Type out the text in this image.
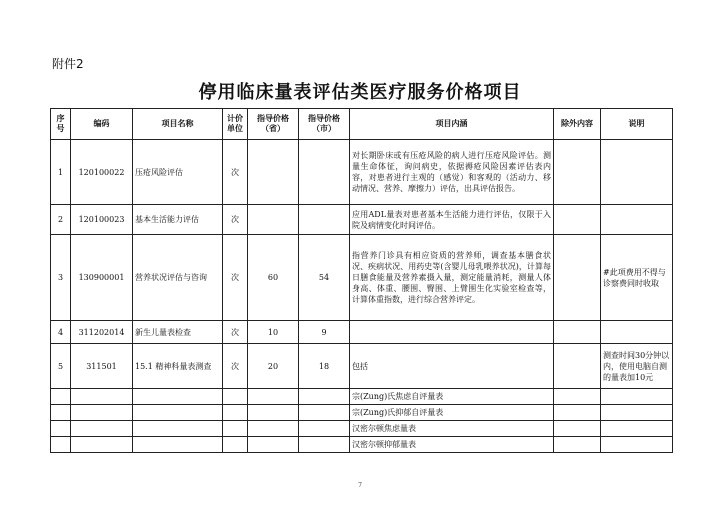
附件2
停用临床量表评估类医疗服务价格项目
序号	编码	项目名称	计价单位	指导价格（省）	指导价格（市）	项目内涵	除外内容	说明
1	120100022	压疮风险评估	次			对长期卧床或有压疮风险的病人进行压疮风险评估。测量生命体征，询问病史，依据褥疮风险因素评估表内容，对患者进行主观的（感觉）和客观的（活动力、移动情况、营养、摩擦力）评估，出具评估报告。		
2	120100023	基本生活能力评估	次			应用ADL量表对患者基本生活能力进行评估，仅限于入院及病情变化时间评估。		
3	130900001	营养状况评估与咨询	次	60	54	指营养门诊具有相应资质的营养师，调查基本膳食状况、疾病状况、用药史等(含婴儿母乳喂养状况)，计算每日膳食能量及营养素摄入量，测定能量消耗，测量人体身高、体重、腰围、臀围、上臂围生化实验室检查等，计算体重指数，进行综合营养评定。		#此项费用不得与诊察费同时收取
4	311202014	新生儿量表检查	次	10	9			
5	311501	15.1 精神科量表测查	次	20	18	包括		测查时间30分钟以内，使用电脑自测的量表加10元
						宗(Zung)氏焦虑自评量表		
						宗(Zung)氏抑郁自评量表		
						汉密尔顿焦虑量表		
						汉密尔顿抑郁量表		
7
